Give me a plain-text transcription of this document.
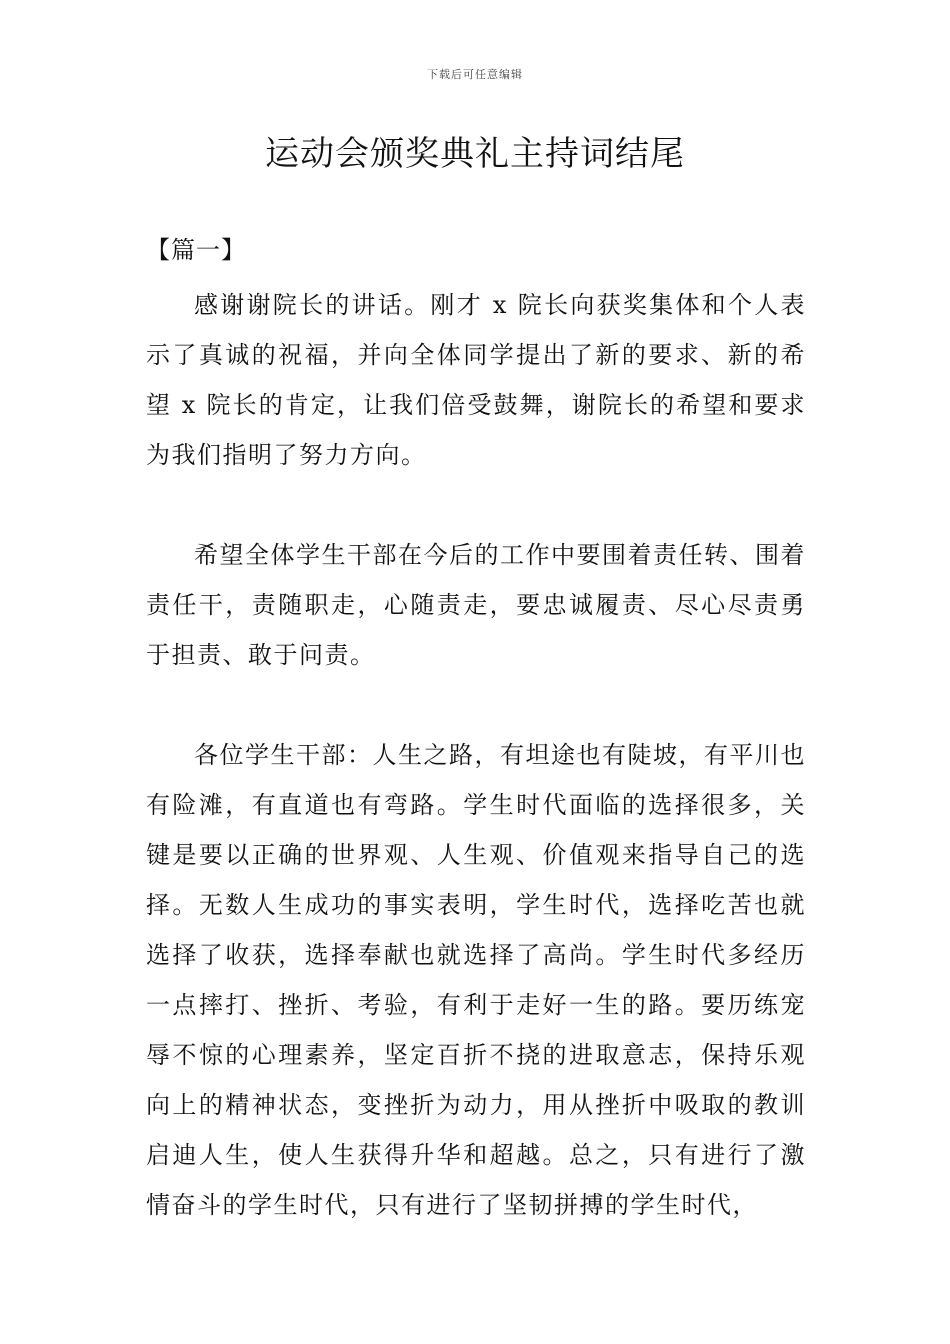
下载后可任意编辑
运动会颁奖典礼主持词结尾
【篇一】

感谢谢院长的讲话。刚才 x 院长向获奖集体和个人表示了真诚的祝福，并向全体同学提出了新的要求、新的希望 x 院长的肯定，让我们倍受鼓舞，谢院长的希望和要求为我们指明了努力方向。

希望全体学生干部在今后的工作中要围着责任转、围着责任干，责随职走，心随责走，要忠诚履责、尽心尽责勇于担责、敢于问责。

各位学生干部：人生之路，有坦途也有陡坡，有平川也有险滩，有直道也有弯路。学生时代面临的选择很多，关键是要以正确的世界观、人生观、价值观来指导自己的选择。无数人生成功的事实表明，学生时代，选择吃苦也就选择了收获，选择奉献也就选择了高尚。学生时代多经历一点摔打、挫折、考验，有利于走好一生的路。要历练宠辱不惊的心理素养，坚定百折不挠的进取意志，保持乐观向上的精神状态，变挫折为动力，用从挫折中吸取的教训启迪人生，使人生获得升华和超越。总之，只有进行了激情奋斗的学生时代，只有进行了坚韧拼搏的学生时代，
